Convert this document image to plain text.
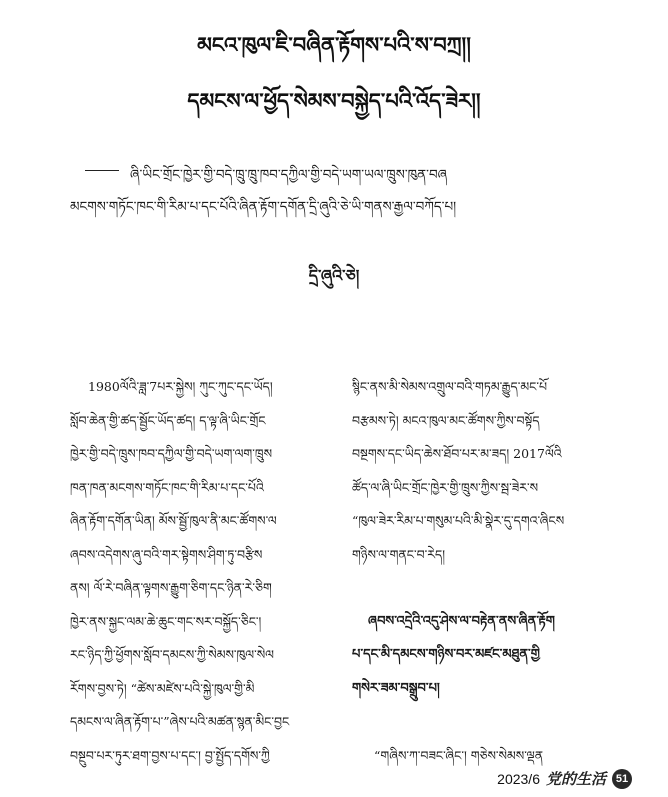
མངའ་ཁུལ་ཇི་བཞིན་རྟོགས་པའི་ས་བཀྲ།།
དམངས་ལ་ཕྱོད་སེམས་བསྐྱེད་པའི་འོད་ཟེར།།
ཞི་ཡིང་གྲོང་ཁྱེར་གྱི་བདེ་ཁྲུ་ཁྲུ་ཁབ་དཀྱིལ་གྱི་བདེ་ཡག་ཡལ་ཁྲུས་ཁུན་བཞ
མངགས་གཏོང་ཁང་གི་རིམ་པ་དང་པོའི་ཞིན་རྟོག་དགོན་དྲི་ཞུའི་ཅེ་ཡི་གནས་རྒྱལ་བཀོད་པ།
དྲི་ཞུའི་ཅེ།
1980ལོའི་ཟླ་7པར་སྐྱེས། ཀུང་ཀུང་དང་ཡོད།
སློབ་ཆེན་གྱི་ཚད་སྦྱོང་ཡོད་ཚད། ད་ལྟ་ཞི་ཡིང་གྲོང
ཁྱེར་གྱི་བདེ་ཁྲུས་ཁབ་དཀྱིལ་གྱི་བདེ་ཡག་ལག་ཁྲུས
ཁན་ཁན་མངགས་གཏོང་ཁང་གི་རིམ་པ་དང་པོའི
ཞིན་རྟོག་དགོན་ཡིན། མོས་སྦྱོ་ཁུལ་ནི་མང་ཚོགས་ལ
ཞབས་འདེགས་ཞུ་བའི་གར་སྟེགས་ཤིག་ཏུ་བརྩིས
ནས། ལོ་རེ་བཞིན་ལྟགས་རྒྱུག་ཅིག་དང་ཉིན་རེ་ཅིག
ཁྱེར་ནས་སྐྱང་ལམ་ཆེ་ཆུང་གང་སར་བསྐྱོད་ཅིང་།
རང་ཉིད་ཀྱི་ཕྱོགས་སློབ་དམངས་ཀྱི་སེམས་ཁུལ་སེལ
རོགས་བྱས་ཏེ། “ཚེས་མཛེས་པའི་སྐྱེ་ཁུལ་གྱི་མི
དམངས་ལ་ཞིན་རྟོག་པ་”ཞེས་པའི་མཚན་སྙན་མིང་བྱང
བསྔུབ་པར་ཏུར་ཐག་བྱས་པ་དང་། བྱ་སྤྱོད་དགོས་ཀྱི
སྙིང་ནས་མི་སེམས་འགྲུལ་བའི་གཏམ་རྒྱུད་མང་པོ
བརྩམས་ཏེ། མངའ་ཁུལ་མང་ཚོགས་ཀྱིས་བསྟོད
བསྔགས་དང་ཡིད་ཆེས་ཐོབ་པར་མ་ཟད། 2017ལོའི
ཚོད་ལ་ཞི་ཡིང་གྲོང་ཁྱེར་གྱི་ཁྲུས་ཀྱིས་སྦ་ཟེར་ས
“ཁུལ་ཟེར་རིམ་པ་གསུམ་པའི་མི་སྣེར་དུ་དགའ་ཞིངས
གཉིས་ལ་གནང་བ་རེད།
ཞབས་འདྲེའི་འདུ་ཤེས་ལ་བརྟེན་ནས་ཞིན་རྟོག
པ་དང་མི་དམངས་གཉིས་བར་མཛང་མཐུན་གྱི
གསེར་ཟམ་བསྒྲུབ་པ།
“གཞིས་ཀ་བཟང་ཞིང་། གཅེས་སེམས་ལྡན
2023/6 党的生活 51
